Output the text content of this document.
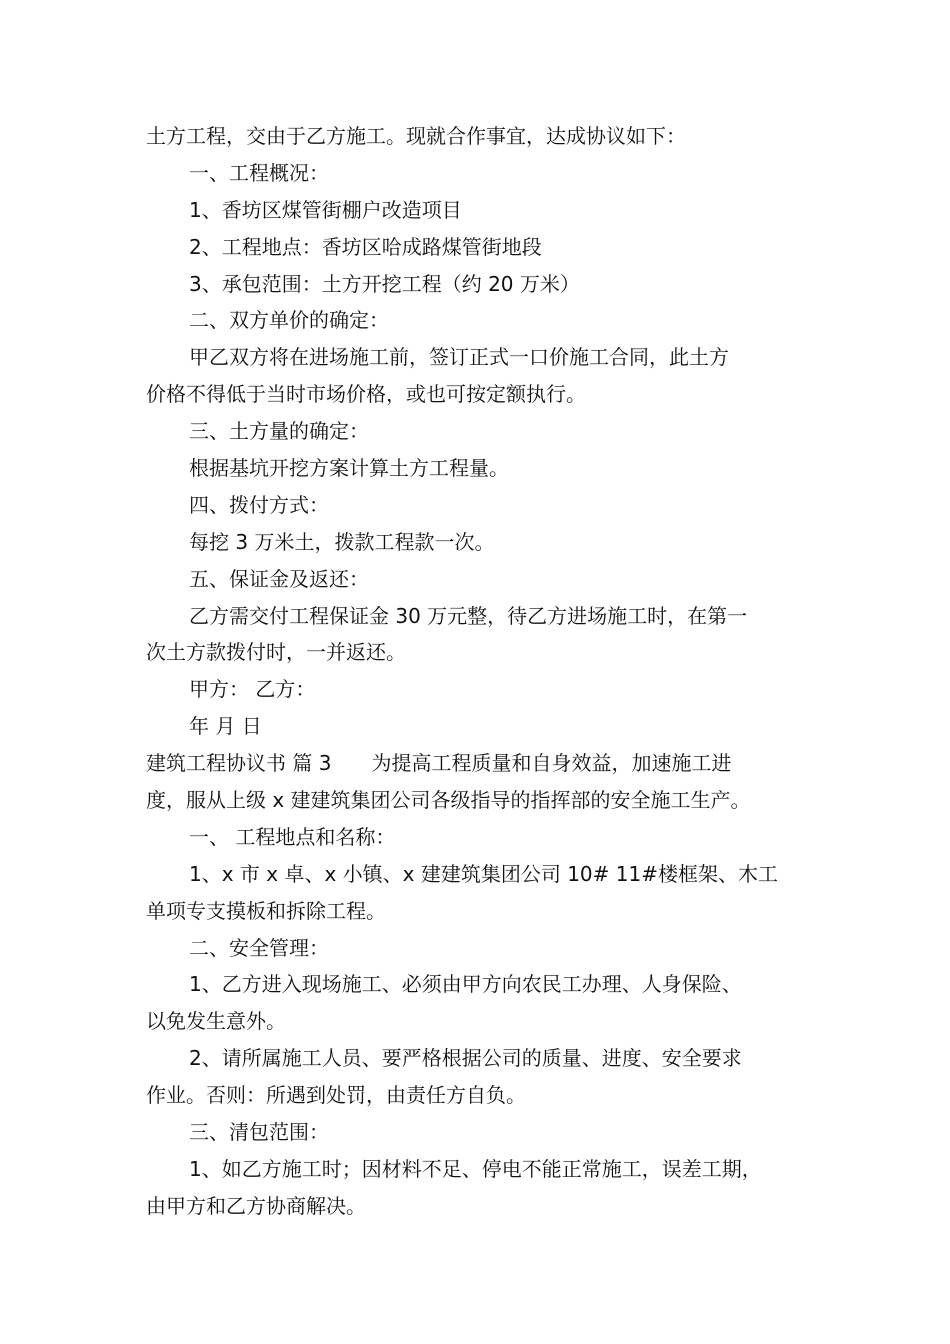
土方工程，交由于乙方施工。现就合作事宜，达成协议如下：
一、工程概况：
1、香坊区煤管街棚户改造项目
2、工程地点：香坊区哈成路煤管街地段
3、承包范围：土方开挖工程（约 20 万米）
二、双方单价的确定：
甲乙双方将在进场施工前，签订正式一口价施工合同，此土方
价格不得低于当时市场价格，或也可按定额执行。
三、土方量的确定：
根据基坑开挖方案计算土方工程量。
四、拨付方式：
每挖 3 万米土，拨款工程款一次。
五、保证金及返还：
乙方需交付工程保证金 30 万元整，待乙方进场施工时，在第一
次土方款拨付时，一并返还。
甲方： 乙方：
年 月 日
建筑工程协议书 篇 3 为提高工程质量和自身效益，加速施工进
度，服从上级 x 建建筑集团公司各级指导的指挥部的安全施工生产。
一、 工程地点和名称：
1、x 市 x 卓、x 小镇、x 建建筑集团公司 10# 11#楼框架、木工
单项专支摸板和拆除工程。
二、安全管理：
1、乙方进入现场施工、必须由甲方向农民工办理、人身保险、
以免发生意外。
2、请所属施工人员、要严格根据公司的质量、进度、安全要求
作业。否则：所遇到处罚，由责任方自负。
三、清包范围：
1、如乙方施工时；因材料不足、停电不能正常施工，误差工期，
由甲方和乙方协商解决。
